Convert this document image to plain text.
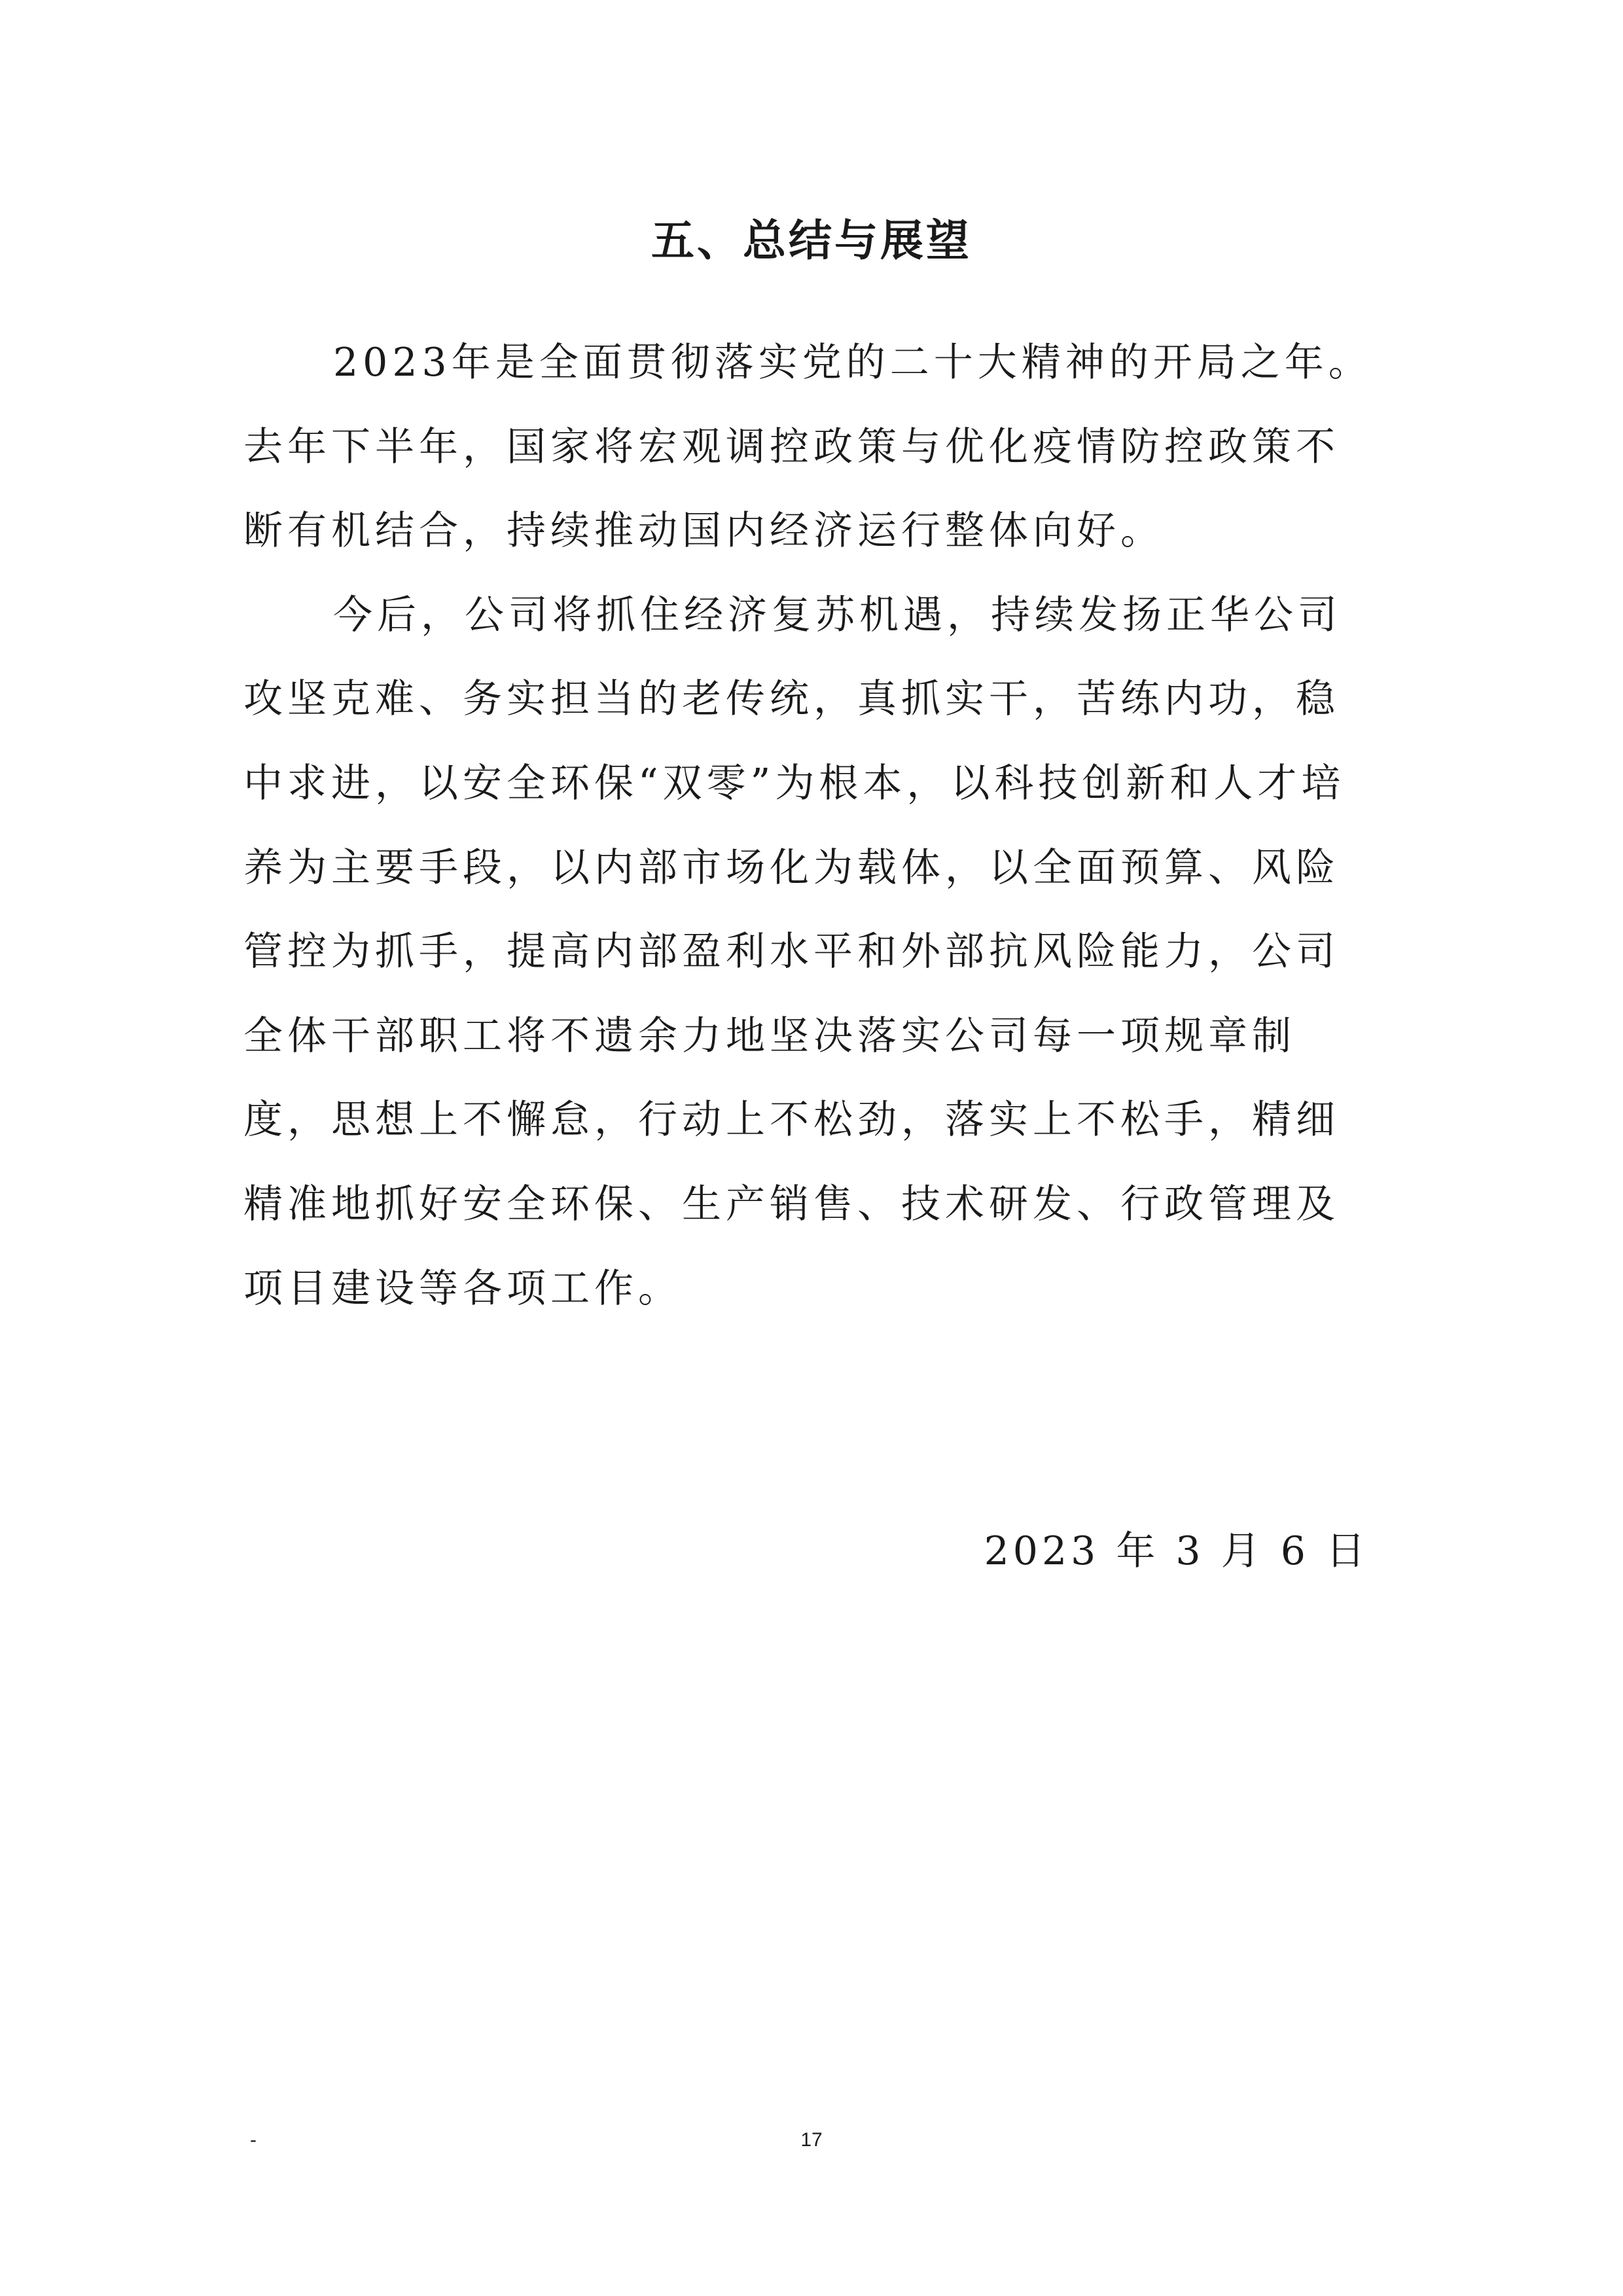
五、总结与展望

2023年是全面贯彻落实党的二十大精神的开局之年。去年下半年，国家将宏观调控政策与优化疫情防控政策不断有机结合，持续推动国内经济运行整体向好。

今后，公司将抓住经济复苏机遇，持续发扬正华公司攻坚克难、务实担当的老传统，真抓实干，苦练内功，稳中求进，以安全环保“双零”为根本，以科技创新和人才培养为主要手段，以内部市场化为载体，以全面预算、风险管控为抓手，提高内部盈利水平和外部抗风险能力，公司全体干部职工将不遗余力地坚决落实公司每一项规章制度，思想上不懈怠，行动上不松劲，落实上不松手，精细精准地抓好安全环保、生产销售、技术研发、行政管理及项目建设等各项工作。

2023 年 3 月 6 日
-	17
